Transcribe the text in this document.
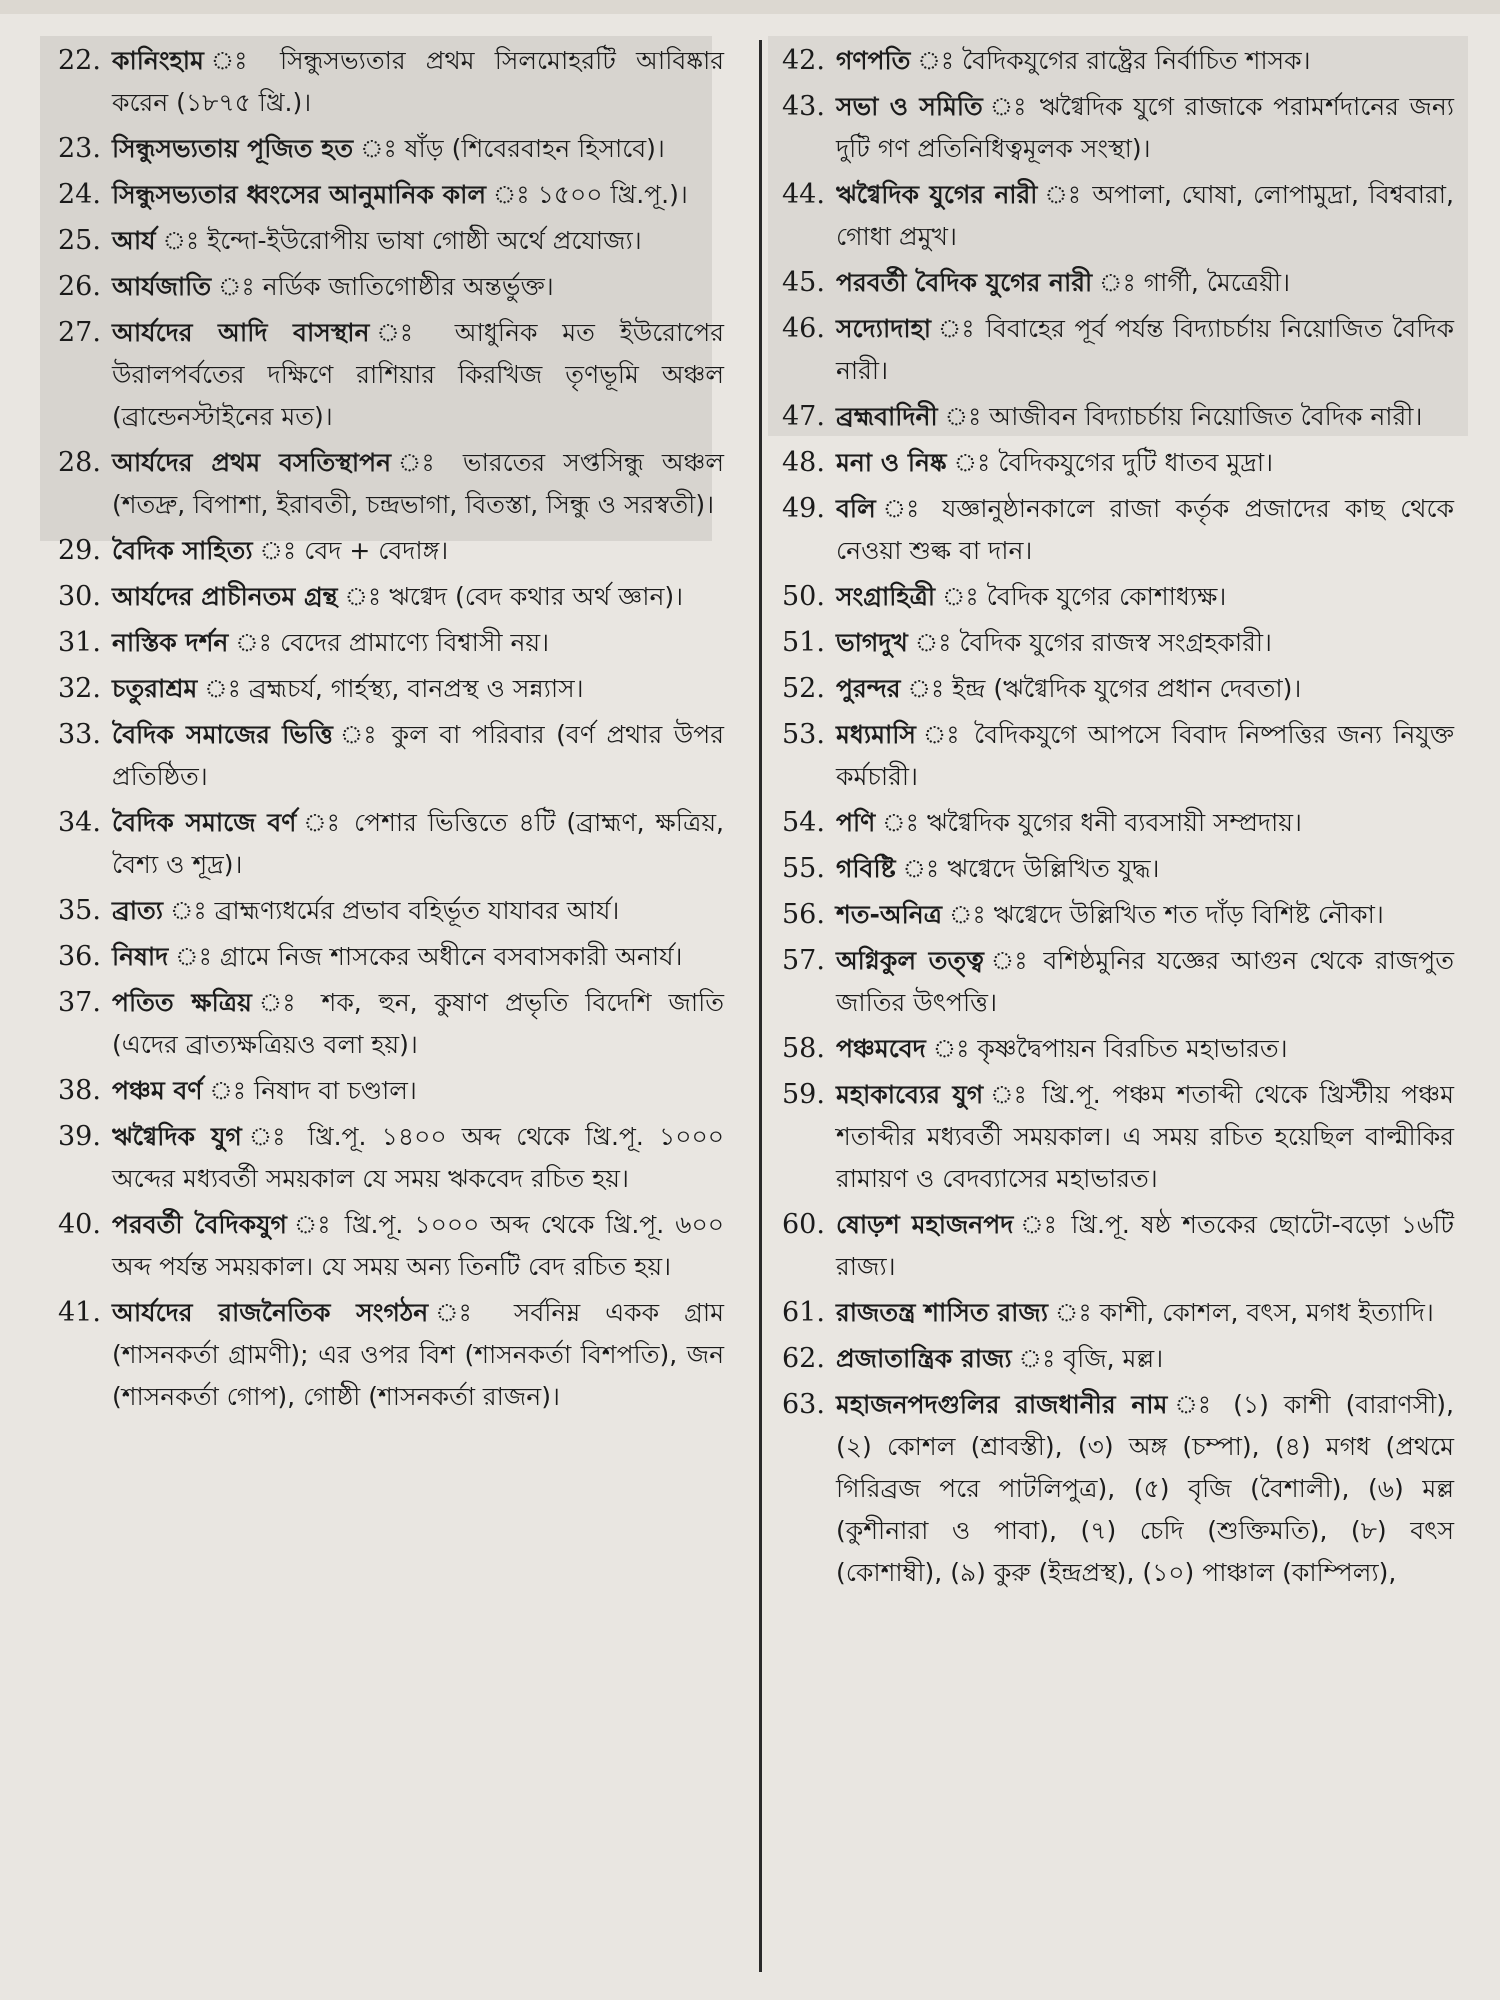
22. কানিংহাম ঃ সিন্ধুসভ্যতার প্রথম সিলমোহরটি আবিষ্কার করেন (১৮৭৫ খ্রি.)।
23. সিন্ধুসভ্যতায় পূজিত হত ঃ ষাঁড় (শিবেরবাহন হিসাবে)।
24. সিন্ধুসভ্যতার ধ্বংসের আনুমানিক কাল ঃ ১৫০০ খ্রি.পূ.)।
25. আর্য ঃ ইন্দো-ইউরোপীয় ভাষা গোষ্ঠী অর্থে প্রযোজ্য।
26. আর্যজাতি ঃ নর্ডিক জাতিগোষ্ঠীর অন্তর্ভুক্ত।
27. আর্যদের আদি বাসস্থান ঃ আধুনিক মত ইউরোপের উরালপর্বতের দক্ষিণে রাশিয়ার কিরখিজ তৃণভূমি অঞ্চল (ব্রান্ডেনস্টাইনের মত)।
28. আর্যদের প্রথম বসতিস্থাপন ঃ ভারতের সপ্তসিন্ধু অঞ্চল (শতদ্রু, বিপাশা, ইরাবতী, চন্দ্রভাগা, বিতস্তা, সিন্ধু ও সরস্বতী)।
29. বৈদিক সাহিত্য ঃ বেদ + বেদাঙ্গ।
30. আর্যদের প্রাচীনতম গ্রন্থ ঃ ঋগ্বেদ (বেদ কথার অর্থ জ্ঞান)।
31. নাস্তিক দর্শন ঃ বেদের প্রামাণ্যে বিশ্বাসী নয়।
32. চতুরাশ্রম ঃ ব্রহ্মচর্য, গার্হস্থ্য, বানপ্রস্থ ও সন্ন্যাস।
33. বৈদিক সমাজের ভিত্তি ঃ কুল বা পরিবার (বর্ণ প্রথার উপর প্রতিষ্ঠিত।
34. বৈদিক সমাজে বর্ণ ঃ পেশার ভিত্তিতে ৪টি (ব্রাহ্মণ, ক্ষত্রিয়, বৈশ্য ও শূদ্র)।
35. ব্রাত্য ঃ ব্রাহ্মণ্যধর্মের প্রভাব বহির্ভূত যাযাবর আর্য।
36. নিষাদ ঃ গ্রামে নিজ শাসকের অধীনে বসবাসকারী অনার্য।
37. পতিত ক্ষত্রিয় ঃ শক, হুন, কুষাণ প্রভৃতি বিদেশি জাতি (এদের ব্রাত্যক্ষত্রিয়ও বলা হয়)।
38. পঞ্চম বর্ণ ঃ নিষাদ বা চণ্ডাল।
39. ঋগ্বৈদিক যুগ ঃ খ্রি.পূ. ১৪০০ অব্দ থেকে খ্রি.পূ. ১০০০ অব্দের মধ্যবর্তী সময়কাল যে সময় ঋকবেদ রচিত হয়।
40. পরবর্তী বৈদিকযুগ ঃ খ্রি.পূ. ১০০০ অব্দ থেকে খ্রি.পূ. ৬০০ অব্দ পর্যন্ত সময়কাল। যে সময় অন্য তিনটি বেদ রচিত হয়।
41. আর্যদের রাজনৈতিক সংগঠন ঃ সর্বনিম্ন একক গ্রাম (শাসনকর্তা গ্রামণী); এর ওপর বিশ (শাসনকর্তা বিশপতি), জন (শাসনকর্তা গোপ), গোষ্ঠী (শাসনকর্তা রাজন)।
42. গণপতি ঃ বৈদিকযুগের রাষ্ট্রের নির্বাচিত শাসক।
43. সভা ও সমিতি ঃ ঋগ্বৈদিক যুগে রাজাকে পরামর্শদানের জন্য দুটি গণ প্রতিনিধিত্বমূলক সংস্থা)।
44. ঋগ্বৈদিক যুগের নারী ঃ অপালা, ঘোষা, লোপামুদ্রা, বিশ্ববারা, গোধা প্রমুখ।
45. পরবর্তী বৈদিক যুগের নারী ঃ গার্গী, মৈত্রেয়ী।
46. সদ্যোদাহা ঃ বিবাহের পূর্ব পর্যন্ত বিদ্যাচর্চায় নিয়োজিত বৈদিক নারী।
47. ব্রহ্মবাদিনী ঃ আজীবন বিদ্যাচর্চায় নিয়োজিত বৈদিক নারী।
48. মনা ও নিষ্ক ঃ বৈদিকযুগের দুটি ধাতব মুদ্রা।
49. বলি ঃ যজ্ঞানুষ্ঠানকালে রাজা কর্তৃক প্রজাদের কাছ থেকে নেওয়া শুল্ক বা দান।
50. সংগ্রাহিত্রী ঃ বৈদিক যুগের কোশাধ্যক্ষ।
51. ভাগদুখ ঃ বৈদিক যুগের রাজস্ব সংগ্রহকারী।
52. পুরন্দর ঃ ইন্দ্র (ঋগ্বৈদিক যুগের প্রধান দেবতা)।
53. মধ্যমাসি ঃ বৈদিকযুগে আপসে বিবাদ নিষ্পত্তির জন্য নিযুক্ত কর্মচারী।
54. পণি ঃ ঋগ্বৈদিক যুগের ধনী ব্যবসায়ী সম্প্রদায়।
55. গবিষ্টি ঃ ঋগ্বেদে উল্লিখিত যুদ্ধ।
56. শত-অনিত্র ঃ ঋগ্বেদে উল্লিখিত শত দাঁড় বিশিষ্ট নৌকা।
57. অগ্নিকুল তত্ত্ব ঃ বশিষ্ঠমুনির যজ্ঞের আগুন থেকে রাজপুত জাতির উৎপত্তি।
58. পঞ্চমবেদ ঃ কৃষ্ণদ্বৈপায়ন বিরচিত মহাভারত।
59. মহাকাব্যের যুগ ঃ খ্রি.পূ. পঞ্চম শতাব্দী থেকে খ্রিস্টীয় পঞ্চম শতাব্দীর মধ্যবর্তী সময়কাল। এ সময় রচিত হয়েছিল বাল্মীকির রামায়ণ ও বেদব্যাসের মহাভারত।
60. ষোড়শ মহাজনপদ ঃ খ্রি.পূ. ষষ্ঠ শতকের ছোটো-বড়ো ১৬টি রাজ্য।
61. রাজতন্ত্র শাসিত রাজ্য ঃ কাশী, কোশল, বৎস, মগধ ইত্যাদি।
62. প্রজাতান্ত্রিক রাজ্য ঃ বৃজি, মল্ল।
63. মহাজনপদগুলির রাজধানীর নাম ঃ (১) কাশী (বারাণসী), (২) কোশল (শ্রাবস্তী), (৩) অঙ্গ (চম্পা), (৪) মগধ (প্রথমে গিরিব্রজ পরে পাটলিপুত্র), (৫) বৃজি (বৈশালী), (৬) মল্ল (কুশীনারা ও পাবা), (৭) চেদি (শুক্তিমতি), (৮) বৎস (কোশাম্বী), (৯) কুরু (ইন্দ্রপ্রস্থ), (১০) পাঞ্চাল (কাম্পিল্য),
